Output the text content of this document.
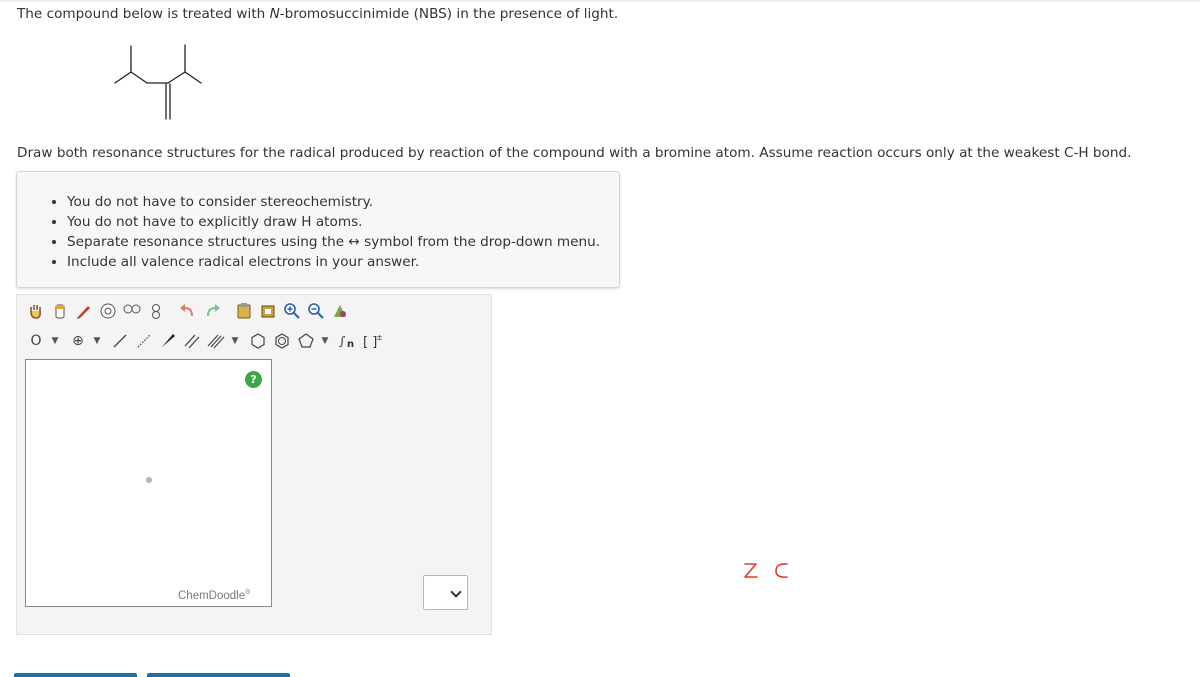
The compound below is treated with N-bromosuccinimide (NBS) in the presence of light.
Draw both resonance structures for the radical produced by reaction of the compound with a bromine atom. Assume reaction occurs only at the weakest C-H bond.
• You do not have to consider stereochemistry.
• You do not have to explicitly draw H atoms.
• Separate resonance structures using the ↔ symbol from the drop-down menu.
• Include all valence radical electrons in your answer.
O	▼ ⊕	▼	▼	▼ ∫ n [ ]
±
?
ChemDoodle®
